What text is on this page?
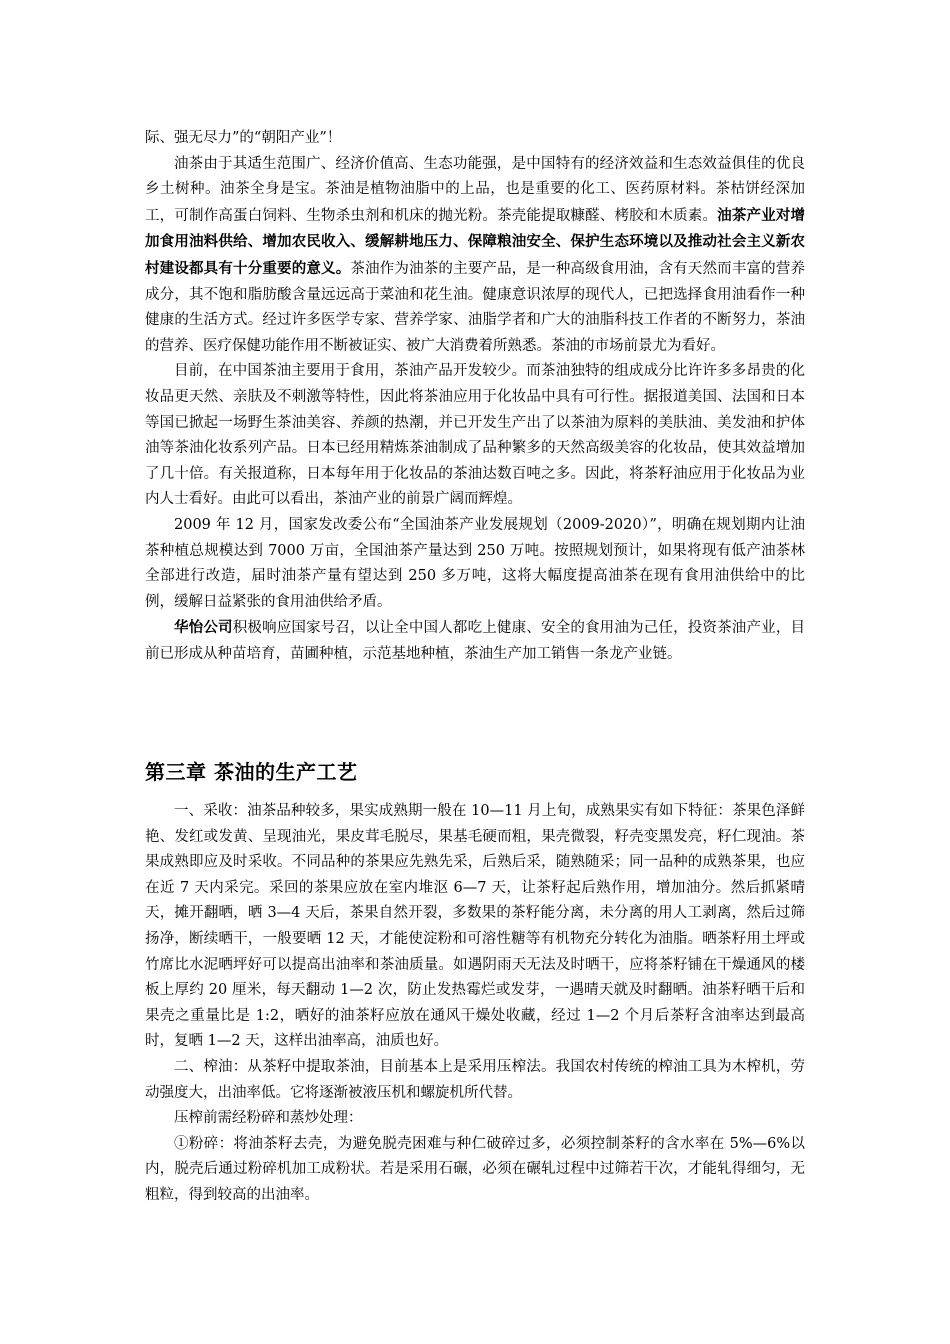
际、强无尽力”的“朝阳产业”！

油茶由于其适生范围广、经济价值高、生态功能强，是中国特有的经济效益和生态效益俱佳的优良乡土树种。油茶全身是宝。茶油是植物油脂中的上品，也是重要的化工、医药原材料。茶枯饼经深加工，可制作高蛋白饲料、生物杀虫剂和机床的抛光粉。茶壳能提取糠醛、栲胶和木质素。油茶产业对增加食用油料供给、增加农民收入、缓解耕地压力、保障粮油安全、保护生态环境以及推动社会主义新农村建设都具有十分重要的意义。茶油作为油茶的主要产品，是一种高级食用油，含有天然而丰富的营养成分，其不饱和脂肪酸含量远远高于菜油和花生油。健康意识浓厚的现代人，已把选择食用油看作一种健康的生活方式。经过许多医学专家、营养学家、油脂学者和广大的油脂科技工作者的不断努力，茶油的营养、医疗保健功能作用不断被证实、被广大消费着所熟悉。茶油的市场前景尤为看好。

目前，在中国茶油主要用于食用，茶油产品开发较少。而茶油独特的组成成分比许许多多昂贵的化妆品更天然、亲肤及不刺激等特性，因此将茶油应用于化妆品中具有可行性。据报道美国、法国和日本等国已掀起一场野生茶油美容、养颜的热潮，并已开发生产出了以茶油为原料的美肤油、美发油和护体油等茶油化妆系列产品。日本已经用精炼茶油制成了品种繁多的天然高级美容的化妆品，使其效益增加了几十倍。有关报道称，日本每年用于化妆品的茶油达数百吨之多。因此，将茶籽油应用于化妆品为业内人士看好。由此可以看出，茶油产业的前景广阔而辉煌。

2009 年 12 月，国家发改委公布“全国油茶产业发展规划（2009-2020）”，明确在规划期内让油茶种植总规模达到 7000 万亩，全国油茶产量达到 250 万吨。按照规划预计，如果将现有低产油茶林全部进行改造，届时油茶产量有望达到 250 多万吨，这将大幅度提高油茶在现有食用油供给中的比例，缓解日益紧张的食用油供给矛盾。

华怡公司积极响应国家号召，以让全中国人都吃上健康、安全的食用油为己任，投资茶油产业，目前已形成从种苗培育，苗圃种植，示范基地种植，茶油生产加工销售一条龙产业链。

第三章 茶油的生产工艺

一、采收：油茶品种较多，果实成熟期一般在 10—11 月上旬，成熟果实有如下特征：茶果色泽鲜艳、发红或发黄、呈现油光，果皮茸毛脱尽，果基毛硬而粗，果壳微裂，籽壳变黑发亮，籽仁现油。茶果成熟即应及时采收。不同品种的茶果应先熟先采，后熟后采，随熟随采；同一品种的成熟茶果，也应在近 7 天内采完。采回的茶果应放在室内堆沤 6—7 天，让茶籽起后熟作用，增加油分。然后抓紧晴天，摊开翻晒，晒 3—4 天后，茶果自然开裂，多数果的茶籽能分离，未分离的用人工剥离，然后过筛扬净，断续晒干，一般要晒 12 天，才能使淀粉和可溶性糖等有机物充分转化为油脂。晒茶籽用土坪或竹席比水泥晒坪好可以提高出油率和茶油质量。如遇阴雨天无法及时晒干，应将茶籽铺在干燥通风的楼板上厚约 20 厘米，每天翻动 1—2 次，防止发热霉烂或发芽，一遇晴天就及时翻晒。油茶籽晒干后和果壳之重量比是 1:2，晒好的油茶籽应放在通风干燥处收藏，经过 1—2 个月后茶籽含油率达到最高时，复晒 1—2 天，这样出油率高，油质也好。

二、榨油：从茶籽中提取茶油，目前基本上是采用压榨法。我国农村传统的榨油工具为木榨机，劳动强度大，出油率低。它将逐渐被液压机和螺旋机所代替。

压榨前需经粉碎和蒸炒处理：

①粉碎：将油茶籽去壳，为避免脱壳困难与种仁破碎过多，必须控制茶籽的含水率在 5%—6%以内，脱壳后通过粉碎机加工成粉状。若是采用石碾，必须在碾轧过程中过筛若干次，才能轧得细匀，无粗粒，得到较高的出油率。
